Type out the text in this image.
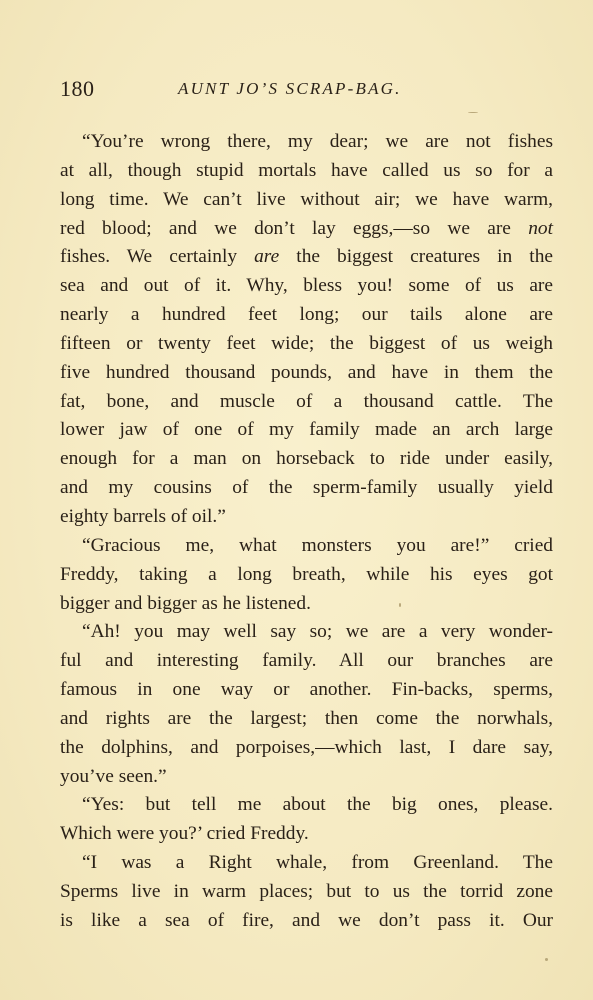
180	AUNT JO’S SCRAP-BAG.
“You’re wrong there, my dear; we are not fishes
at all, though stupid mortals have called us so for a
long time. We can’t live without air; we have warm,
red blood; and we don’t lay eggs,—so we are not
fishes. We certainly are the biggest creatures in the
sea and out of it. Why, bless you! some of us are
nearly a hundred feet long; our tails alone are
fifteen or twenty feet wide; the biggest of us weigh
five hundred thousand pounds, and have in them the
fat, bone, and muscle of a thousand cattle. The
lower jaw of one of my family made an arch large
enough for a man on horseback to ride under easily,
and my cousins of the sperm-family usually yield
eighty barrels of oil.”
“Gracious me, what monsters you are!” cried
Freddy, taking a long breath, while his eyes got
bigger and bigger as he listened.
“Ah! you may well say so; we are a very wonder-
ful and interesting family. All our branches are
famous in one way or another. Fin-backs, sperms,
and rights are the largest; then come the norwhals,
the dolphins, and porpoises,—which last, I dare say,
you’ve seen.”
“Yes: but tell me about the big ones, please.
Which were you?’ cried Freddy.
“I was a Right whale, from Greenland. The
Sperms live in warm places; but to us the torrid zone
is like a sea of fire, and we don’t pass it. Our
